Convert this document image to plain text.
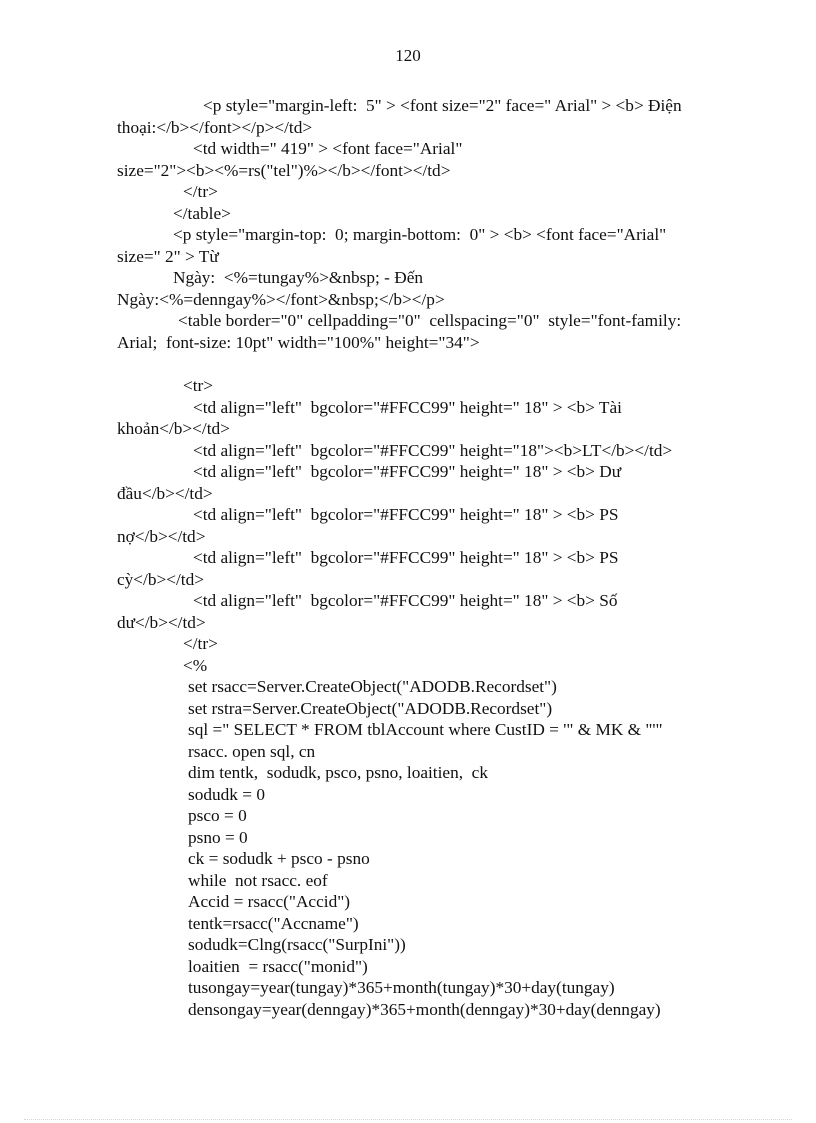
120
<p style="margin-left:  5" > <font size="2" face=" Arial" > <b> Điện
thoại:</b></font></p></td>
<td width=" 419" > <font face="Arial"
size="2"><b><%=rs("tel")%></b></font></td>
</tr>
</table>
<p style="margin-top:  0; margin-bottom:  0" > <b> <font face="Arial"
size=" 2" > Từ
Ngày:  <%=tungay%>&nbsp; - Đến
Ngày:<%=denngay%></font>&nbsp;</b></p>
<table border="0" cellpadding="0"  cellspacing="0"  style="font-family:
Arial;  font-size: 10pt" width="100%" height="34">
<tr>
<td align="left"  bgcolor="#FFCC99" height=" 18" > <b> Tài
khoản</b></td>
<td align="left"  bgcolor="#FFCC99" height="18"><b>LT</b></td>
<td align="left"  bgcolor="#FFCC99" height=" 18" > <b> Dư
đầu</b></td>
<td align="left"  bgcolor="#FFCC99" height=" 18" > <b> PS
nợ</b></td>
<td align="left"  bgcolor="#FFCC99" height=" 18" > <b> PS
cỳ</b></td>
<td align="left"  bgcolor="#FFCC99" height=" 18" > <b> Số
dư</b></td>
</tr>
<%
set rsacc=Server.CreateObject("ADODB.Recordset")
set rstra=Server.CreateObject("ADODB.Recordset")
sql =" SELECT * FROM tblAccount where CustID = '" & MK & "'"
rsacc. open sql, cn
dim tentk,  sodudk, psco, psno, loaitien,  ck
sodudk = 0
psco = 0
psno = 0
ck = sodudk + psco - psno
while  not rsacc. eof
Accid = rsacc("Accid")
tentk=rsacc("Accname")
sodudk=Clng(rsacc("SurpIni"))
loaitien  = rsacc("monid")
tusongay=year(tungay)*365+month(tungay)*30+day(tungay)
densongay=year(denngay)*365+month(denngay)*30+day(denngay)
